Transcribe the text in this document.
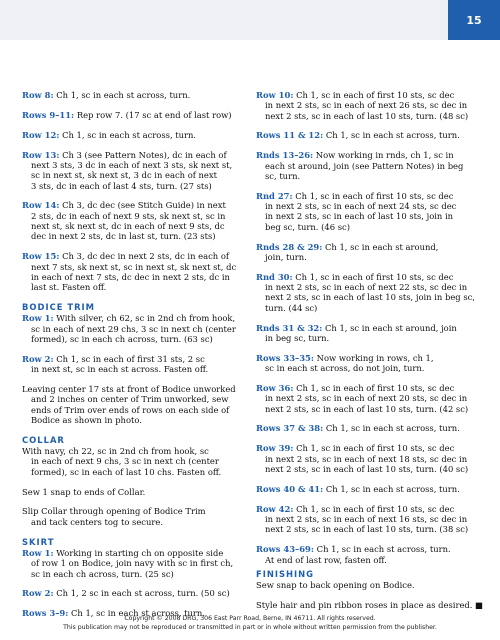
15
Row 8: Ch 1, sc in each st across, turn.
Rows 9–11: Rep row 7. (17 sc at end of last row)
Row 12: Ch 1, sc in each st across, turn.
Row 13: Ch 3 (see Pattern Notes), dc in each of
next 3 sts, 3 dc in each of next 3 sts, sk next st,
sc in next st, sk next st, 3 dc in each of next
3 sts, dc in each of last 4 sts, turn. (27 sts)
Row 14: Ch 3, dc dec (see Stitch Guide) in next
2 sts, dc in each of next 9 sts, sk next st, sc in
next st, sk next st, dc in each of next 9 sts, dc
dec in next 2 sts, dc in last st, turn. (23 sts)
Row 15: Ch 3, dc dec in next 2 sts, dc in each of
next 7 sts, sk next st, sc in next st, sk next st, dc
in each of next 7 sts, dc dec in next 2 sts, dc in
last st. Fasten off.
BODICE TRIM
Row 1: With silver, ch 62, sc in 2nd ch from hook,
sc in each of next 29 chs, 3 sc in next ch (center
formed), sc in each ch across, turn. (63 sc)
Row 2: Ch 1, sc in each of first 31 sts, 2 sc
in next st, sc in each st across. Fasten off.
Leaving center 17 sts at front of Bodice unworked
and 2 inches on center of Trim unworked, sew
ends of Trim over ends of rows on each side of
Bodice as shown in photo.
COLLAR
With navy, ch 22, sc in 2nd ch from hook, sc
in each of next 9 chs, 3 sc in next ch (center
formed), sc in each of last 10 chs. Fasten off.
Sew 1 snap to ends of Collar.
Slip Collar through opening of Bodice Trim
and tack centers tog to secure.
SKIRT
Row 1: Working in starting ch on opposite side
of row 1 on Bodice, join navy with sc in first ch,
sc in each ch across, turn. (25 sc)
Row 2: Ch 1, 2 sc in each st across, turn. (50 sc)
Rows 3–9: Ch 1, sc in each st across, turn.
Row 10: Ch 1, sc in each of first 10 sts, sc dec
in next 2 sts, sc in each of next 26 sts, sc dec in
next 2 sts, sc in each of last 10 sts, turn. (48 sc)
Rows 11 & 12: Ch 1, sc in each st across, turn.
Rnds 13–26: Now working in rnds, ch 1, sc in
each st around, join (see Pattern Notes) in beg
sc, turn.
Rnd 27: Ch 1, sc in each of first 10 sts, sc dec
in next 2 sts, sc in each of next 24 sts, sc dec
in next 2 sts, sc in each of last 10 sts, join in
beg sc, turn. (46 sc)
Rnds 28 & 29: Ch 1, sc in each st around,
join, turn.
Rnd 30: Ch 1, sc in each of first 10 sts, sc dec
in next 2 sts, sc in each of next 22 sts, sc dec in
next 2 sts, sc in each of last 10 sts, join in beg sc,
turn. (44 sc)
Rnds 31 & 32: Ch 1, sc in each st around, join
in beg sc, turn.
Rows 33–35: Now working in rows, ch 1,
sc in each st across, do not join, turn.
Row 36: Ch 1, sc in each of first 10 sts, sc dec
in next 2 sts, sc in each of next 20 sts, sc dec in
next 2 sts, sc in each of last 10 sts, turn. (42 sc)
Rows 37 & 38: Ch 1, sc in each st across, turn.
Row 39: Ch 1, sc in each of first 10 sts, sc dec
in next 2 sts, sc in each of next 18 sts, sc dec in
next 2 sts, sc in each of last 10 sts, turn. (40 sc)
Rows 40 & 41: Ch 1, sc in each st across, turn.
Row 42: Ch 1, sc in each of first 10 sts, sc dec
in next 2 sts, sc in each of next 16 sts, sc dec in
next 2 sts, sc in each of last 10 sts, turn. (38 sc)
Rows 43–69: Ch 1, sc in each st across, turn.
At end of last row, fasten off.
FINISHING
Sew snap to back opening on Bodice.
Style hair and pin ribbon roses in place as desired. ■
Copyright © 2008 DRG, 306 East Parr Road, Berne, IN 46711. All rights reserved.
This publication may not be reproduced or transmitted in part or in whole without written permission from the publisher.
